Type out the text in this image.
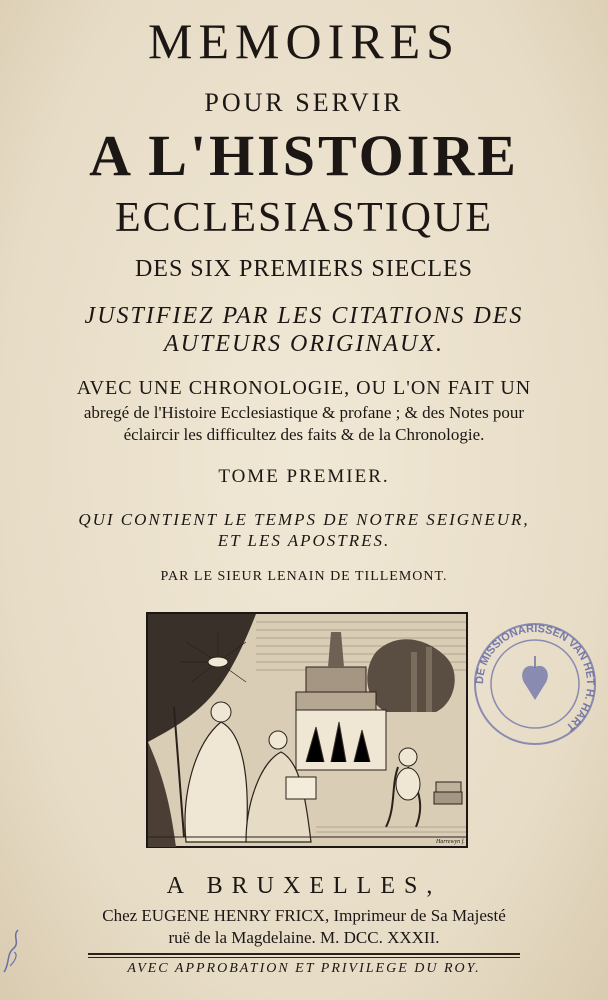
MEMOIRES
POUR SERVIR
A L'HISTOIRE
ECCLESIASTIQUE
DES SIX PREMIERS SIECLES
JUSTIFIEZ PAR LES CITATIONS DES
AUTEURS ORIGINAUX.
AVEC UNE CHRONOLOGIE, OU L'ON FAIT UN
abregé de l'Histoire Ecclesiastique & profane ; & des Notes pour
éclaircir les difficultez des faits & de la Chronologie.
TOME PREMIER.
QUI CONTIENT LE TEMPS DE NOTRE SEIGNEUR,
ET LES APOSTRES.
PAR LE SIEUR LENAIN DE TILLEMONT.
Harrewyn f.
DE MISSIONARISSEN VAN HET H. HART
A BRUXELLES,
Chez EUGENE HENRY FRICX, Imprimeur de Sa Majesté
ruë de la Magdelaine. M. DCC. XXXII.
AVEC APPROBATION ET PRIVILEGE DU ROY.
